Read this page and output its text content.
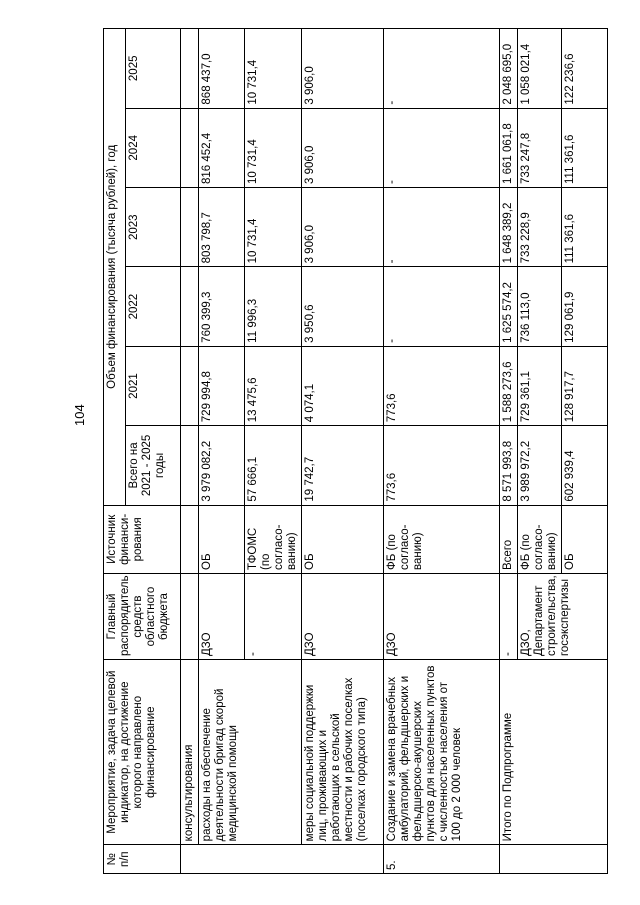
104
№ п/п	Мероприятие, задача целевой индикатор, на достижение которого направлено финансирование	Главный распорядитель средств областного бюджета	Источник финанси-рования	Объем финансирования (тысяча рублей), год					
				Всего на 2021 - 2025 годы	2021	2022	2023	2024	2025
	консультирования								
	расходы на обеспечение деятельности бригад скорой медицинской помощи	ДЗО	ОБ	3 979 082,2	729 994,8	760 399,3	803 798,7	816 452,4	868 437,0
		-	ТФОМС (по согласо-ванию)	57 666,1	13 475,6	11 996,3	10 731,4	10 731,4	10 731,4
	меры социальной поддержки лиц, проживающих и работающих в сельской местности и рабочих поселках (поселках городского типа)	ДЗО	ОБ	19 742,7	4 074,1	3 950,6	3 906,0	3 906,0	3 906,0
5.	Создание и замена врачебных амбулаторий, фельдшерских и фельдшерско-акушерских пунктов для населенных пунктов с численностью населения от 100 до 2 000 человек	ДЗО	ФБ (по согласо-ванию)	773,6	773,6	-	-	-	-
	Итого по Подпрограмме	-	Всего	8 571 993,8	1 588 273,6	1 625 574,2	1 648 389,2	1 661 061,8	2 048 695,0
		ДЗО, Департамент строительства, госэкспертизы	ФБ (по согласо-ванию)	3 989 972,2	729 361,1	736 113,0	733 228,9	733 247,8	1 058 021,4
			ОБ	602 939,4	128 917,7	129 061,9	111 361,6	111 361,6	122 236,6
